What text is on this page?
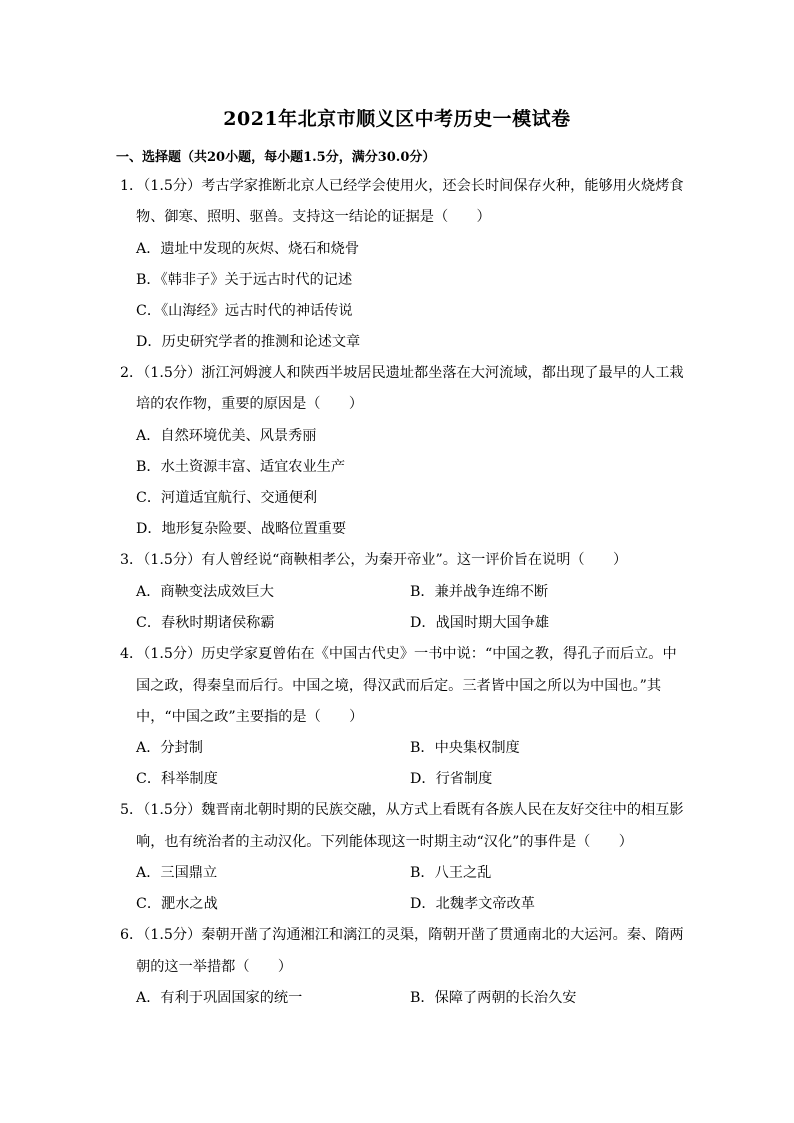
2021年北京市顺义区中考历史一模试卷
一、选择题（共20小题，每小题1.5分，满分30.0分）
1．（1.5分）考古学家推断北京人已经学会使用火，还会长时间保存火种，能够用火烧烤食
物、御寒、照明、驱兽。支持这一结论的证据是（　　）
A．遗址中发现的灰烬、烧石和烧骨
B．《韩非子》关于远古时代的记述
C．《山海经》远古时代的神话传说
D．历史研究学者的推测和论述文章
2．（1.5分）浙江河姆渡人和陕西半坡居民遗址都坐落在大河流域，都出现了最早的人工栽
培的农作物，重要的原因是（　　）
A．自然环境优美、风景秀丽
B．水土资源丰富、适宜农业生产
C．河道适宜航行、交通便利
D．地形复杂险要、战略位置重要
3．（1.5分）有人曾经说“商鞅相孝公，为秦开帝业”。这一评价旨在说明（　　）
A．商鞅变法成效巨大	B．兼并战争连绵不断
C．春秋时期诸侯称霸	D．战国时期大国争雄
4．（1.5分）历史学家夏曾佑在《中国古代史》一书中说：“中国之教，得孔子而后立。中
国之政，得秦皇而后行。中国之境，得汉武而后定。三者皆中国之所以为中国也。”其
中，“中国之政”主要指的是（　　）
A．分封制	B．中央集权制度
C．科举制度	D．行省制度
5．（1.5分）魏晋南北朝时期的民族交融，从方式上看既有各族人民在友好交往中的相互影
响，也有统治者的主动汉化。下列能体现这一时期主动“汉化”的事件是（　　）
A．三国鼎立	B．八王之乱
C．淝水之战	D．北魏孝文帝改革
6．（1.5分）秦朝开凿了沟通湘江和漓江的灵渠，隋朝开凿了贯通南北的大运河。秦、隋两
朝的这一举措都（　　）
A．有利于巩固国家的统一	B．保障了两朝的长治久安
